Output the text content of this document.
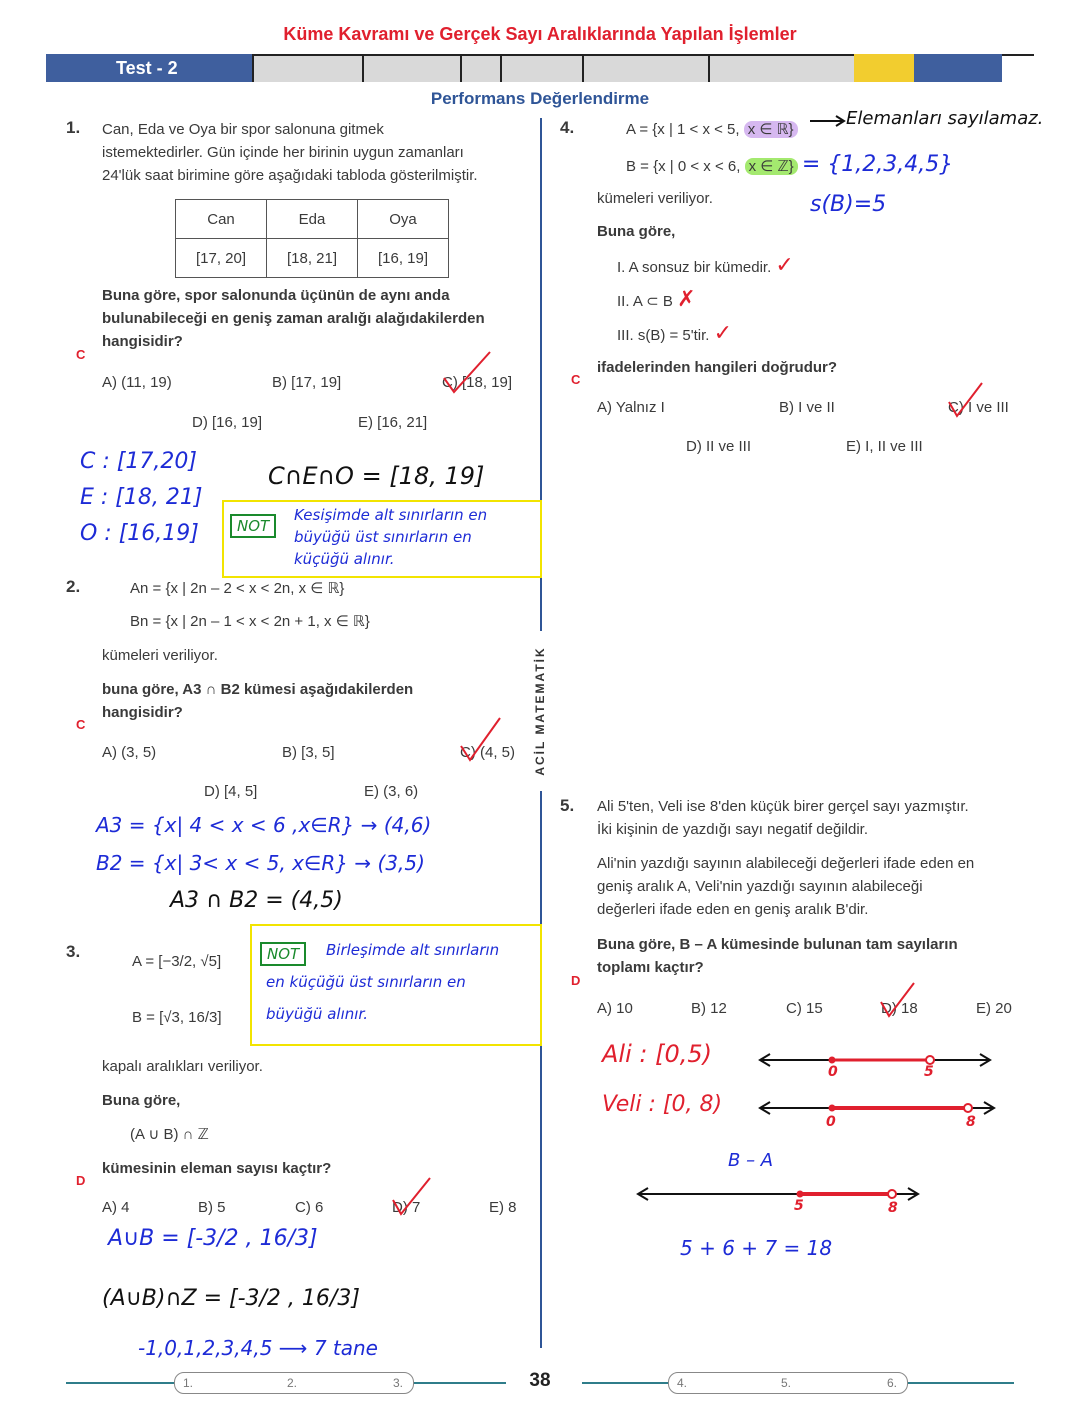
Küme Kavramı ve Gerçek Sayı Aralıklarında Yapılan İşlemler
Test - 2
Performans Değerlendirme
ACİL MATEMATİK
1. Can, Eda ve Oya bir spor salonuna gitmek
istemektedirler. Gün içinde her birinin uygun zamanları
24'lük saat birimine göre aşağıdaki tabloda gösterilmiştir.
Can	Eda	Oya
[17, 20]	[18, 21]	[16, 19]
Buna göre, spor salonunda üçünün de aynı anda
bulunabileceği en geniş zaman aralığı alağıdakilerden
hangisidir?
C
A) (11, 19)	B) [17, 19]	C) [18, 19]
D) [16, 19]	E) [16, 21]
C : [17,20]
E : [18, 21]
O : [16,19]
C∩E∩O = [18, 19]
NOT
Kesişimde alt sınırların en
büyüğü üst sınırların en
küçüğü alınır.
2.	An = {x | 2n – 2 < x < 2n, x ∈ ℝ}
Bn = {x | 2n – 1 < x < 2n + 1, x ∈ ℝ}
kümeleri veriliyor.
buna göre, A3 ∩ B2 kümesi aşağıdakilerden
hangisidir?
C
A) (3, 5)	B) [3, 5]	C) (4, 5)
D) [4, 5]	E) (3, 6)
A3 = {x| 4 < x < 6 ,x∈R} → (4,6)
B2 = {x| 3< x < 5, x∈R} → (3,5)
A3 ∩ B2 = (4,5)
3.
A = [−3/2, √5]
B = [√3, 16/3]
NOT	Birleşimde alt sınırların
en küçüğü üst sınırların en
büyüğü alınır.
kapalı aralıkları veriliyor.
Buna göre,
(A ∪ B) ∩ ℤ
kümesinin eleman sayısı kaçtır?
D
A) 4	B) 5	C) 6	D) 7	E) 8
A∪B = [-3/2 , 16/3]
(A∪B)∩Z = [-3/2 , 16/3]
-1,0,1,2,3,4,5 ⟶ 7 tane
4.	A = {x | 1 < x < 5, x ∈ ℝ}
Elemanları sayılamaz.
B = {x | 0 < x < 6, x ∈ ℤ} = {1,2,3,4,5}
kümeleri veriliyor.	s(B)=5
Buna göre,
I. A sonsuz bir kümedir. ✓
II. A ⊂ B ✗
III. s(B) = 5'tir. ✓
ifadelerinden hangileri doğrudur?
C
A) Yalnız I	B) I ve II	C) I ve III
D) II ve III	E) I, II ve III
5. Ali 5'ten, Veli ise 8'den küçük birer gerçel sayı yazmıştır.
İki kişinin de yazdığı sayı negatif değildir.
Ali'nin yazdığı sayının alabileceği değerleri ifade eden en
geniş aralık A, Veli'nin yazdığı sayının alabileceği
değerleri ifade eden en geniş aralık B'dir.
Buna göre, B – A kümesinde bulunan tam sayıların
toplamı kaçtır?
D
A) 10	B) 12	C) 15	D) 18	E) 20
Ali : [0,5)
Veli : [0, 8)
0	5
0	8
B – A
5	8
5 + 6 + 7 = 18
1.	2.	3.	4.	5.	6.
38
